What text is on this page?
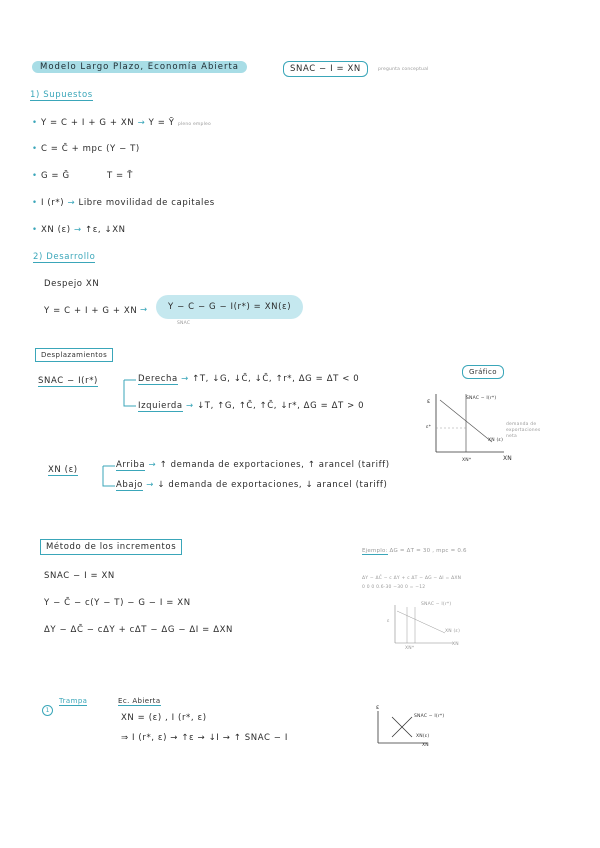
Modelo Largo Plazo, Economía Abierta	SNAC − I = XN	pregunta conceptual
1) Supuestos
• Y = C + I + G + XN → Y = Ȳ pleno empleo
• C = C̄ + mpc (Y − T)
• G = Ḡ	T = T̄
• I (r*) → Libre movilidad de capitales
• XN (ε) → ↑ε, ↓XN
2) Desarrollo
Despejo XN
Y = C + I + G + XN →	Y − C − G − I(r*) = XN(ε)
SNAC
Desplazamientos
SNAC − I(r*)	Derecha → ↑T, ↓G, ↓C̄, ↓C̄, ↑r*, ΔG = ΔT < 0
Izquierda → ↓T, ↑G, ↑C̄, ↑C̄, ↓r*, ΔG = ΔT > 0
XN (ε)	Arriba → ↑ demanda de exportaciones, ↑ arancel (tariff)
Abajo → ↓ demanda de exportaciones, ↓ arancel (tariff)
Gráfico
ε
XN
SNAC − I(r*)
XN (ε)
ε*
XN*
demanda de exportaciones neta
Método de los incrementos
SNAC − I = XN
Y − C̄ − c(Y − T) − G − I = XN
ΔY − ΔC̄ − cΔY + cΔT − ΔG − ΔI = ΔXN
Ejemplo: ΔG = ΔT = 30 , mpc = 0.6
ΔY − ΔC̄ − c ΔY + c ΔT − ΔG − ΔI = ΔXN
0 0 0 0.6·30 −30 0 = −12
ε
SNAC − I(r*)
XN (ε)
XN*
XN
1
Trampa	Ec. Abierta
XN = (ε) , I (r*, ε)
⇒ I (r*, ε) → ↑ε → ↓I → ↑ SNAC − I
ε
SNAC − I(r*)
XN(ε)
XN
